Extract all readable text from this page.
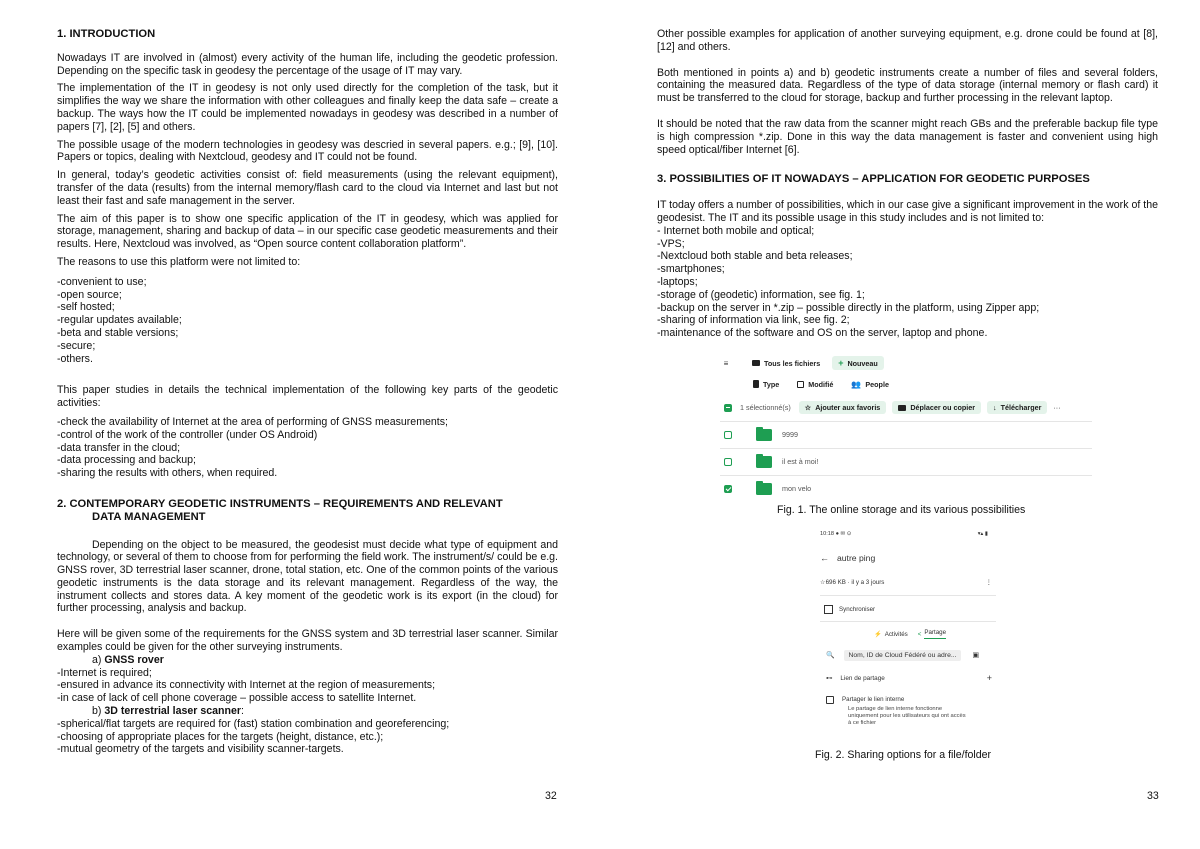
1. INTRODUCTION

Nowadays IT are involved in (almost) every activity of the human life, including the geodetic profession. Depending on the specific task in geodesy the percentage of the usage of IT may vary.

The implementation of the IT in geodesy is not only used directly for the completion of the task, but it simplifies the way we share the information with other colleagues and finally keep the data safe – create a backup. The ways how the IT could be implemented nowadays in geodesy was described in a number of papers [7], [2], [5] and others.

The possible usage of the modern technologies in geodesy was descried in several papers. e.g.; [9], [10]. Papers or topics, dealing with Nextcloud, geodesy and IT could not be found.

In general, today’s geodetic activities consist of: field measurements (using the relevant equipment), transfer of the data (results) from the internal memory/flash card to the cloud via Internet and last but not least their fast and safe management in the server.

The aim of this paper is to show one specific application of the IT in geodesy, which was applied for storage, management, sharing and backup of data – in our specific case geodetic measurements and their results. Here, Nextcloud was involved, as “Open source content collaboration platform”.

The reasons to use this platform were not limited to:

-convenient to use;
-open source;
-self hosted;
-regular updates available;
-beta and stable versions;
-secure;
-others.

This paper studies in details the technical implementation of the following key parts of the geodetic activities:

-check the availability of Internet at the area of performing of GNSS measurements;
-control of the work of the controller (under OS Android)
-data transfer in the cloud;
-data processing and backup;
-sharing the results with others, when required.
2. CONTEMPORARY GEODETIC INSTRUMENTS – REQUIREMENTS AND RELEVANT
DATA MANAGEMENT

Depending on the object to be measured, the geodesist must decide what type of equipment and technology, or several of them to choose from for performing the field work. The instrument/s/ could be e.g. GNSS rover, 3D terrestrial laser scanner, drone, total station, etc. One of the common points of the various geodetic instruments is the data storage and its relevant management. Regardless of the way, the instrument collects and stores data. A key moment of the geodetic work is its export (in the cloud) for further processing, analysis and backup.

Here will be given some of the requirements for the GNSS system and 3D terrestrial laser scanner. Similar examples could be given for the other surveying instruments.

a) GNSS rover
-Internet is required;
-ensured in advance its connectivity with Internet at the region of measurements;
-in case of lack of cell phone coverage – possible access to satellite Internet.
b) 3D terrestrial laser scanner:
-spherical/flat targets are required for (fast) station combination and georeferencing;
-choosing of appropriate places for the targets (height, distance, etc.);
-mutual geometry of the targets and visibility scanner-targets.
32

Other possible examples for application of another surveying equipment, e.g. drone could be found at [8], [12] and others.

Both mentioned in points a) and b) geodetic instruments create a number of files and several folders, containing the measured data. Regardless of the type of data storage (internal memory or flash card) it must be transferred to the cloud for storage, backup and further processing in the relevant laptop.

It should be noted that the raw data from the scanner might reach GBs and the preferable backup file type is high compression *.zip. Done in this way the data management is faster and convenient using high speed optical/fiber Internet [6].

3. POSSIBILITIES OF IT NOWADAYS – APPLICATION FOR GEODETIC PURPOSES

IT today offers a number of possibilities, which in our case give a significant improvement in the work of the geodesist. The IT and its possible usage in this study includes and is not limited to:

- Internet both mobile and optical;
-VPS;
-Nextcloud both stable and beta releases;
-smartphones;
-laptops;
-storage of (geodetic) information, see fig. 1;
-backup on the server in *.zip – possible directly in the platform, using Zipper app;
-sharing of information via link, see fig. 2;
-maintenance of the software and OS on the server, laptop and phone.
≡	Tous les fichiers + Nouveau
Type	Modifié 👥 People
1 sélectionné(s) ☆ Ajouter aux favoris	Déplacer ou copier	↓ Télécharger ···
9999
il est à moi!
mon velo
Fig. 1. The online storage and its various possibilities
10:18 ● ✉ ⊙	▾▴ ▮
← autre ping
☆696 KB · il y a 3 jours	⋮
Synchroniser
⚡ Activités < Partage
🔍	Nom, ID de Cloud Fédéré ou adre...	▣
⊷ Lien de partage	+
Partager le lien interne
Le partage de lien interne fonctionne
uniquement pour les utilisateurs qui ont accès
à ce fichier
Fig. 2. Sharing options for a file/folder
33
